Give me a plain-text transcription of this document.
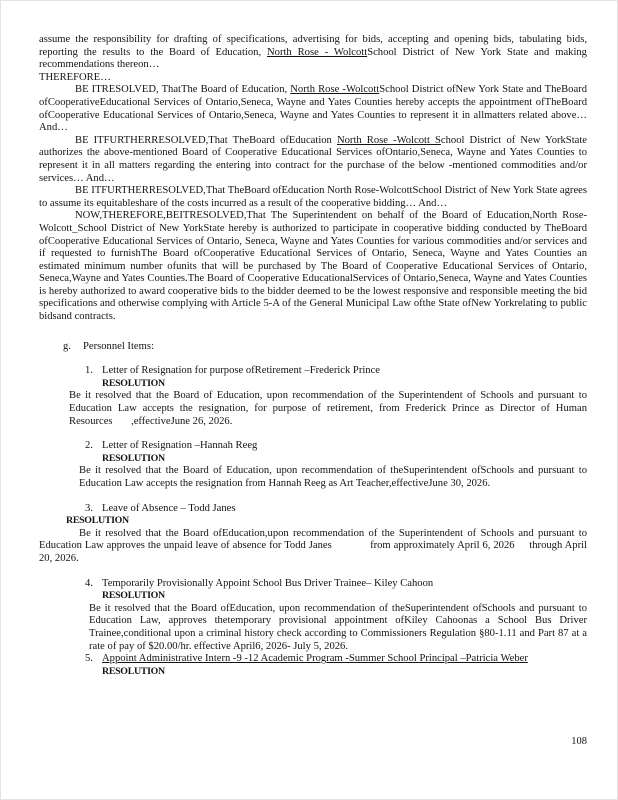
assume the responsibility for drafting of specifications, advertising for bids, accepting and opening bids, tabulating bids, reporting the results to the Board of Education, North Rose - WolcottSchool District of New York State and making recommendations thereon…

THEREFORE…

BE ITRESOLVED, ThatThe Board of Education, North Rose -WolcottSchool District ofNew York State and TheBoard ofCooperativeEducational Services of Ontario,Seneca, Wayne and Yates Counties hereby accepts the appointment ofTheBoard ofCooperative Educational Services of Ontario,Seneca, Wayne and Yates Counties to represent it in allmatters related above… And…

BE ITFURTHERRESOLVED,That TheBoard ofEducation North Rose -Wolcott School District of New YorkState authorizes the above-mentioned Board of Cooperative Educational Services ofOntario,Seneca, Wayne and Yates Counties to represent it in all matters regarding the entering into contract for the purchase of the below -mentioned commodities and/or services… And…

BE ITFURTHERRESOLVED,That TheBoard ofEducation North Rose-WolcottSchool District of New York State agrees to assume its equitableshare of the costs incurred as a result of the cooperative bidding… And…

NOW,THEREFORE,BEITRESOLVED,That The Superintendent on behalf of the Board of Education,North Rose-Wolcott_School District of New YorkState hereby is authorized to participate in cooperative bidding conducted by TheBoard ofCooperative Educational Services of Ontario, Seneca, Wayne and Yates Counties for various commodities and/or services and if requested to furnishThe Board ofCooperative Educational Services of Ontario, Seneca, Wayne and Yates Counties an estimated minimum number ofunits that will be purchased by The Board of Cooperative Educational Services of Ontario, Seneca,Wayne and Yates Counties.The Board of Cooperative EducationalServices of Ontario,Seneca, Wayne and Yates Counties is hereby authorized to award cooperative bids to the bidder deemed to be the lowest responsive and responsible meeting the bid specifications and otherwise complying with Article 5-A of the General Municipal Law ofthe State ofNew Yorkrelating to public bidsand contracts.

g. Personnel Items:
1. Letter of Resignation for purpose ofRetirement –Frederick Prince
RESOLUTION

Be it resolved that the Board of Education, upon recommendation of the Superintendent of Schools and pursuant to Education Law accepts the resignation, for purpose of retirement, from Frederick Prince as Director of Human Resources       ,effectiveJune 26, 2026.

2. Letter of Resignation –Hannah Reeg
RESOLUTION

Be it resolved that the Board of Education, upon recommendation of theSuperintendent ofSchools and pursuant to Education Law accepts the resignation from Hannah Reeg as Art Teacher,effectiveJune 30, 2026.

3. Leave of Absence – Todd Janes
RESOLUTION

Be it resolved that the Board ofEducation,upon recommendation of the Superintendent of Schools and pursuant to Education Law approves the unpaid leave of absence for Todd Janes             from approximately April 6, 2026     through April 20, 2026.

4. Temporarily Provisionally Appoint School Bus Driver Trainee– Kiley Cahoon
RESOLUTION

Be it resolved that the Board ofEducation, upon recommendation of theSuperintendent ofSchools and pursuant to Education Law, approves thetemporary provisional appointment ofKiley Cahoonas a School Bus Driver Trainee,conditional upon a criminal history check according to Commissioners Regulation §80-1.11 and Part 87 at a rate of pay of $20.00/hr. effective April6, 2026- July 5, 2026.

5. Appoint Administrative Intern -9 -12 Academic Program -Summer School Principal –Patricia Weber
RESOLUTION
108
